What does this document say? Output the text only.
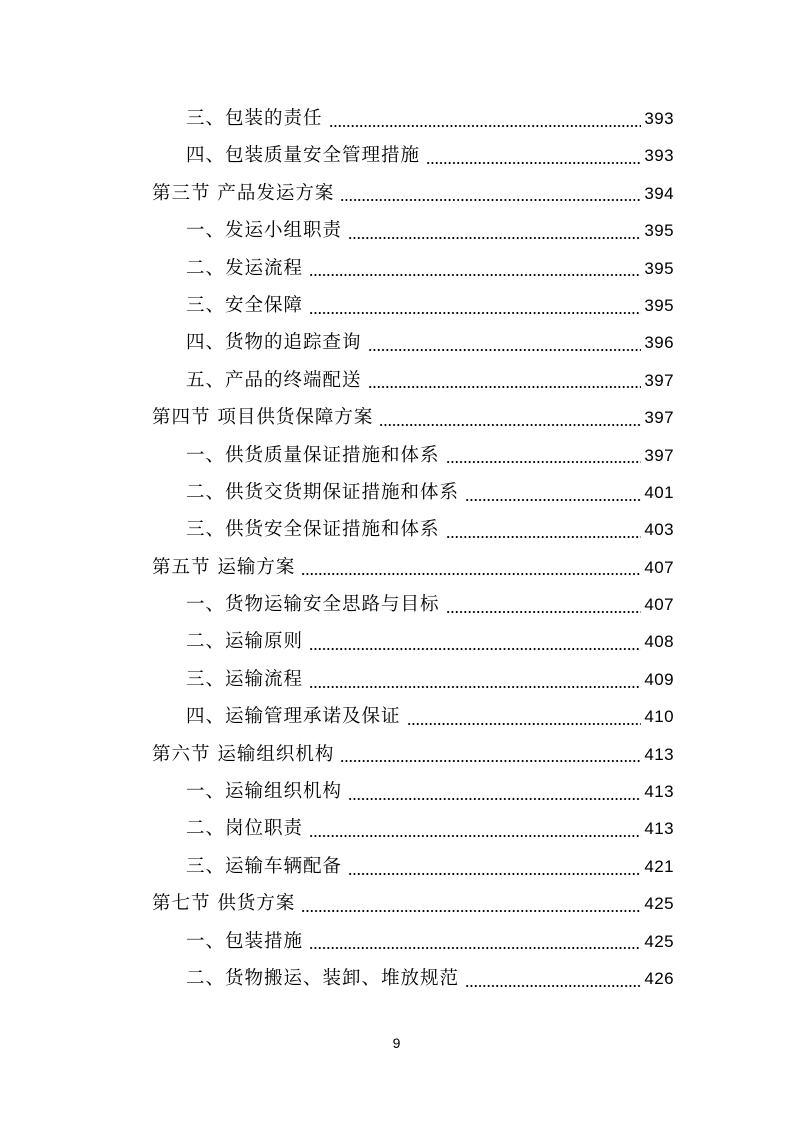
三、包装的责任	393
四、包装质量安全管理措施	393
第三节 产品发运方案	394
一、发运小组职责	395
二、发运流程	395
三、安全保障	395
四、货物的追踪查询	396
五、产品的终端配送	397
第四节 项目供货保障方案	397
一、供货质量保证措施和体系	397
二、供货交货期保证措施和体系	401
三、供货安全保证措施和体系	403
第五节 运输方案	407
一、货物运输安全思路与目标	407
二、运输原则	408
三、运输流程	409
四、运输管理承诺及保证	410
第六节 运输组织机构	413
一、运输组织机构	413
二、岗位职责	413
三、运输车辆配备	421
第七节 供货方案	425
一、包装措施	425
二、货物搬运、装卸、堆放规范	426
9
